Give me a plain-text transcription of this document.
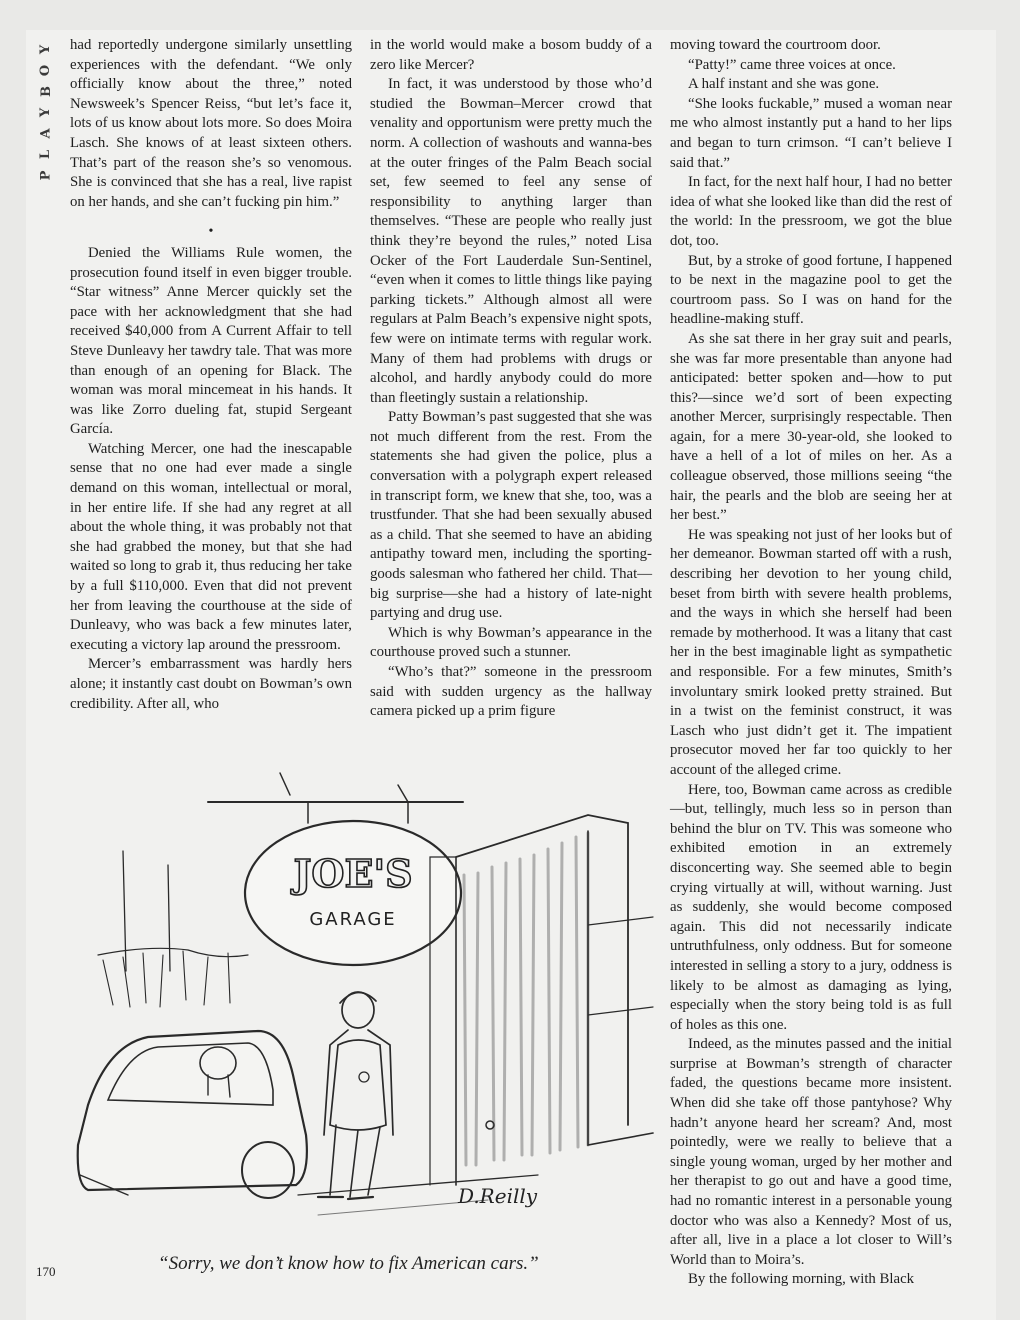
Y
O
B
Y
A
L
P

had reportedly undergone similarly unsettling experiences with the defendant. “We only officially know about the three,” noted Newsweek’s Spencer Reiss, “but let’s face it, lots of us know about lots more. So does Moira Lasch. She knows of at least sixteen others. That’s part of the reason she’s so venomous. She is convinced that she has a real, live rapist on her hands, and she can’t fucking pin him.”

•

Denied the Williams Rule women, the prosecution found itself in even bigger trouble. “Star witness” Anne Mercer quickly set the pace with her acknowledgment that she had received $40,000 from A Current Affair to tell Steve Dunleavy her tawdry tale. That was more than enough of an opening for Black. The woman was moral mincemeat in his hands. It was like Zorro dueling fat, stupid Sergeant García.

Watching Mercer, one had the inescapable sense that no one had ever made a single demand on this woman, intellectual or moral, in her entire life. If she had any regret at all about the whole thing, it was probably not that she had grabbed the money, but that she had waited so long to grab it, thus reducing her take by a full $110,000. Even that did not prevent her from leaving the courthouse at the side of Dunleavy, who was back a few minutes later, executing a victory lap around the pressroom.

Mercer’s embarrassment was hardly hers alone; it instantly cast doubt on Bowman’s own credibility. After all, who

in the world would make a bosom buddy of a zero like Mercer?

In fact, it was understood by those who’d studied the Bowman–Mercer crowd that venality and opportunism were pretty much the norm. A collection of washouts and wanna-bes at the outer fringes of the Palm Beach social set, few seemed to feel any sense of responsibility to anything larger than themselves. “These are people who really just think they’re beyond the rules,” noted Lisa Ocker of the Fort Lauderdale Sun-Sentinel, “even when it comes to little things like paying parking tickets.” Although almost all were regulars at Palm Beach’s expensive night spots, few were on intimate terms with regular work. Many of them had problems with drugs or alcohol, and hardly anybody could do more than fleetingly sustain a relationship.

Patty Bowman’s past suggested that she was not much different from the rest. From the statements she had given the police, plus a conversation with a polygraph expert released in transcript form, we knew that she, too, was a trustfunder. That she had been sexually abused as a child. That she seemed to have an abiding antipathy toward men, including the sporting-goods salesman who fathered her child. That—big surprise—she had a history of late-night partying and drug use.

Which is why Bowman’s appearance in the courthouse proved such a stunner.

“Who’s that?” someone in the pressroom said with sudden urgency as the hallway camera picked up a prim figure

moving toward the courtroom door.

“Patty!” came three voices at once.

A half instant and she was gone.

“She looks fuckable,” mused a woman near me who almost instantly put a hand to her lips and began to turn crimson. “I can’t believe I said that.”

In fact, for the next half hour, I had no better idea of what she looked like than did the rest of the world: In the pressroom, we got the blue dot, too.

But, by a stroke of good fortune, I happened to be next in the magazine pool to get the courtroom pass. So I was on hand for the headline-making stuff.

As she sat there in her gray suit and pearls, she was far more presentable than anyone had anticipated: better spoken and—how to put this?—since we’d sort of been expecting another Mercer, surprisingly respectable. Then again, for a mere 30-year-old, she looked to have a hell of a lot of miles on her. As a colleague observed, those millions seeing “the hair, the pearls and the blob are seeing her at her best.”

He was speaking not just of her looks but of her demeanor. Bowman started off with a rush, describing her devotion to her young child, beset from birth with severe health problems, and the ways in which she herself had been remade by motherhood. It was a litany that cast her in the best imaginable light as sympathetic and responsible. For a few minutes, Smith’s involuntary smirk looked pretty strained. But in a twist on the feminist construct, it was Lasch who just didn’t get it. The impatient prosecutor moved her far too quickly to her account of the alleged crime.

Here, too, Bowman came across as credible—but, tellingly, much less so in person than behind the blur on TV. This was someone who exhibited emotion in an extremely disconcerting way. She seemed able to begin crying virtually at will, without warning. Just as suddenly, she would become composed again. This did not necessarily indicate untruthfulness, only oddness. But for someone interested in selling a story to a jury, oddness is likely to be almost as damaging as lying, especially when the story being told is as full of holes as this one.

Indeed, as the minutes passed and the initial surprise at Bowman’s strength of character faded, the questions became more insistent. When did she take off those pantyhose? Why hadn’t anyone heard her scream? And, most pointedly, were we really to believe that a single young woman, urged by her mother and her therapist to go out and have a good time, had no romantic interest in a personable young doctor who was also a Kennedy? Most of us, after all, live in a place a lot closer to Will’s World than to Moira’s.

By the following morning, with Black

JOE'S
GARAGE
D.Reilly
“Sorry, we don’t know how to fix American cars.”
170
